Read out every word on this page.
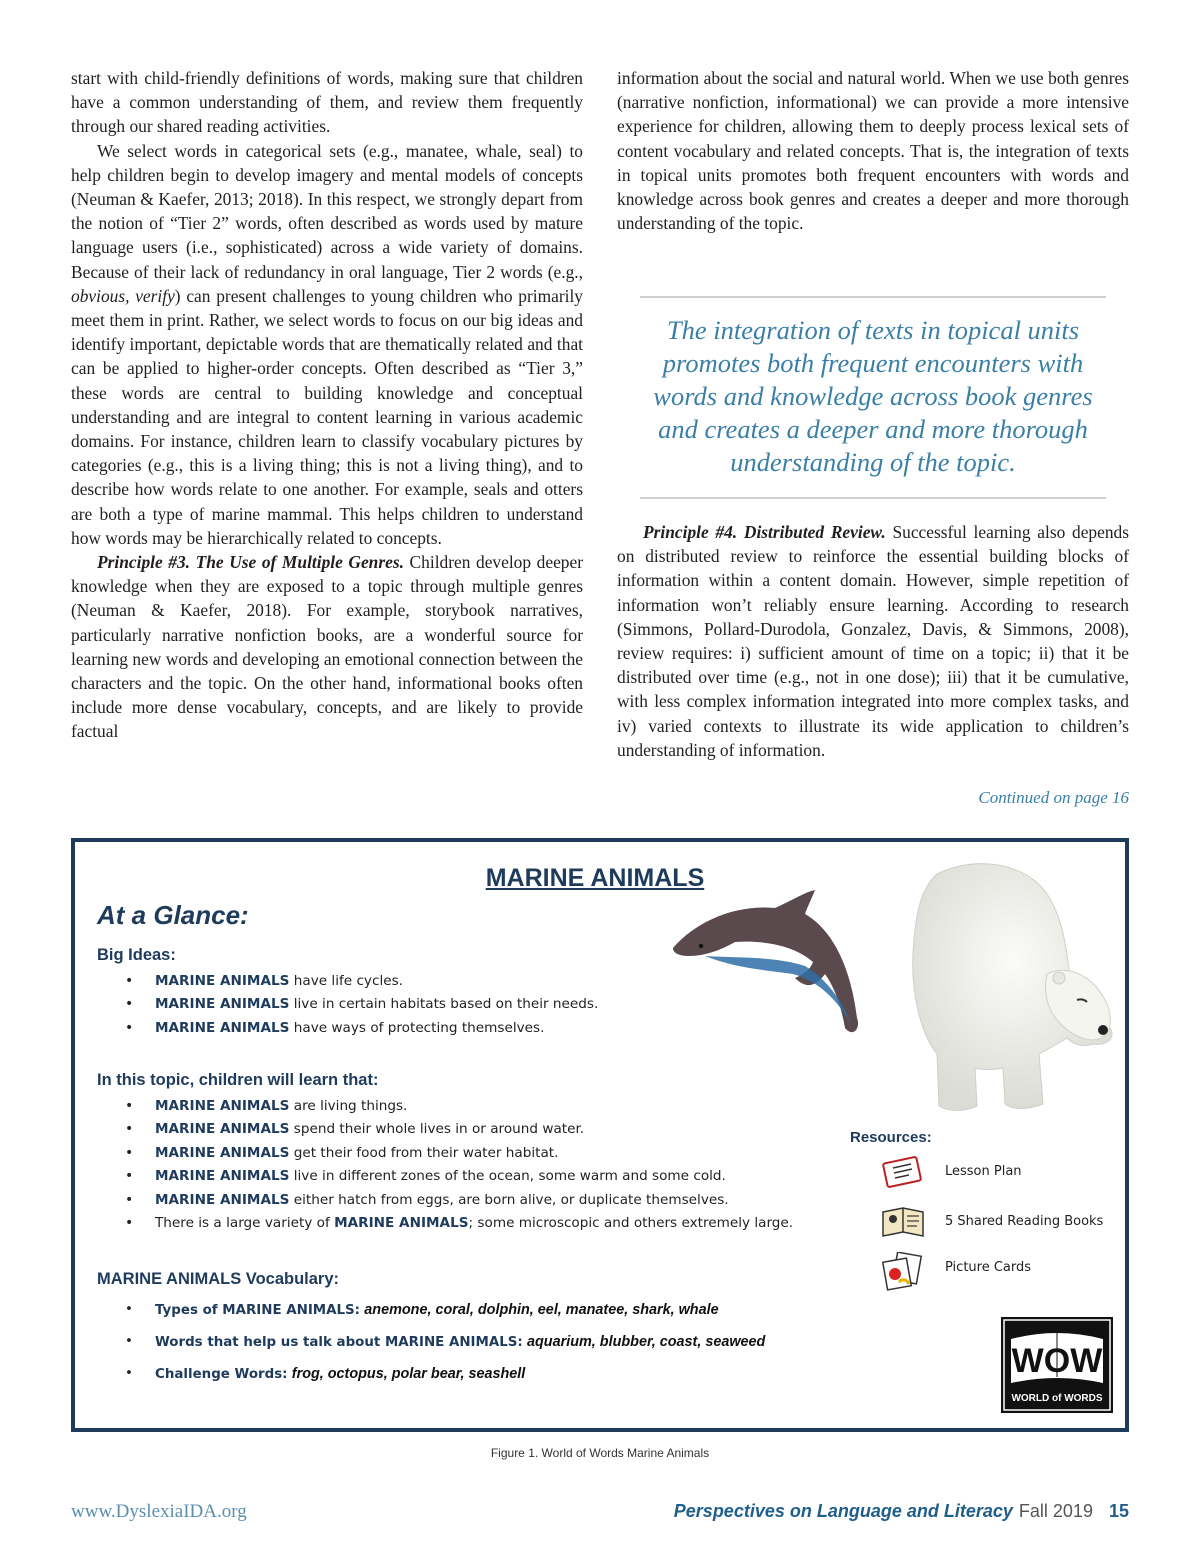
start with child-friendly definitions of words, making sure that children have a common understanding of them, and review them frequently through our shared reading activities.

We select words in categorical sets (e.g., manatee, whale, seal) to help children begin to develop imagery and mental models of concepts (Neuman & Kaefer, 2013; 2018). In this respect, we strongly depart from the notion of “Tier 2” words, often described as words used by mature language users (i.e., sophisticated) across a wide variety of domains. Because of their lack of redundancy in oral language, Tier 2 words (e.g., obvious, verify) can present challenges to young children who primarily meet them in print. Rather, we select words to focus on our big ideas and identify important, depictable words that are thematically related and that can be applied to higher-order concepts. Often described as “Tier 3,” these words are central to building knowledge and conceptual understanding and are integral to content learning in various academic domains. For instance, children learn to classify vocabulary pictures by categories (e.g., this is a living thing; this is not a living thing), and to describe how words relate to one another. For example, seals and otters are both a type of marine mammal. This helps children to understand how words may be hierarchically related to concepts.

Principle #3. The Use of Multiple Genres. Children develop deeper knowledge when they are exposed to a topic through multiple genres (Neuman & Kaefer, 2018). For example, storybook narratives, particularly narrative nonfiction books, are a wonderful source for learning new words and developing an emotional connection between the characters and the topic. On the other hand, informational books often include more dense vocabulary, concepts, and are likely to provide factual

information about the social and natural world. When we use both genres (narrative nonfiction, informational) we can provide a more intensive experience for children, allowing them to deeply process lexical sets of content vocabulary and related concepts. That is, the integration of texts in topical units promotes both frequent encounters with words and knowledge across book genres and creates a deeper and more thorough understanding of the topic.

The integration of texts in topical units promotes both frequent encounters with words and knowledge across book genres and creates a deeper and more thorough understanding of the topic.

Principle #4. Distributed Review. Successful learning also depends on distributed review to reinforce the essential building blocks of information within a content domain. However, simple repetition of information won’t reliably ensure learning. According to research (Simmons, Pollard-Durodola, Gonzalez, Davis, & Simmons, 2008), review requires: i) sufficient amount of time on a topic; ii) that it be distributed over time (e.g., not in one dose); iii) that it be cumulative, with less complex information integrated into more complex tasks, and iv) varied contexts to illustrate its wide application to children’s understanding of information.

Continued on page 16
MARINE ANIMALS
At a Glance:
Big Ideas:
• MARINE ANIMALS have life cycles.
• MARINE ANIMALS live in certain habitats based on their needs.
• MARINE ANIMALS have ways of protecting themselves.
In this topic, children will learn that:
• MARINE ANIMALS are living things.
• MARINE ANIMALS spend their whole lives in or around water.
• MARINE ANIMALS get their food from their water habitat.
• MARINE ANIMALS live in different zones of the ocean, some warm and some cold.
• MARINE ANIMALS either hatch from eggs, are born alive, or duplicate themselves.
• There is a large variety of MARINE ANIMALS; some microscopic and others extremely large.
MARINE ANIMALS Vocabulary:
• Types of MARINE ANIMALS: anemone, coral, dolphin, eel, manatee, shark, whale
• Words that help us talk about MARINE ANIMALS: aquarium, blubber, coast, seaweed
• Challenge Words: frog, octopus, polar bear, seashell
Resources:
Lesson Plan
5 Shared Reading Books
Picture Cards
WOW
WORLD of WORDS
Figure 1. World of Words Marine Animals
www.DyslexiaIDA.org	Perspectives on Language and Literacy Fall 2019 15
